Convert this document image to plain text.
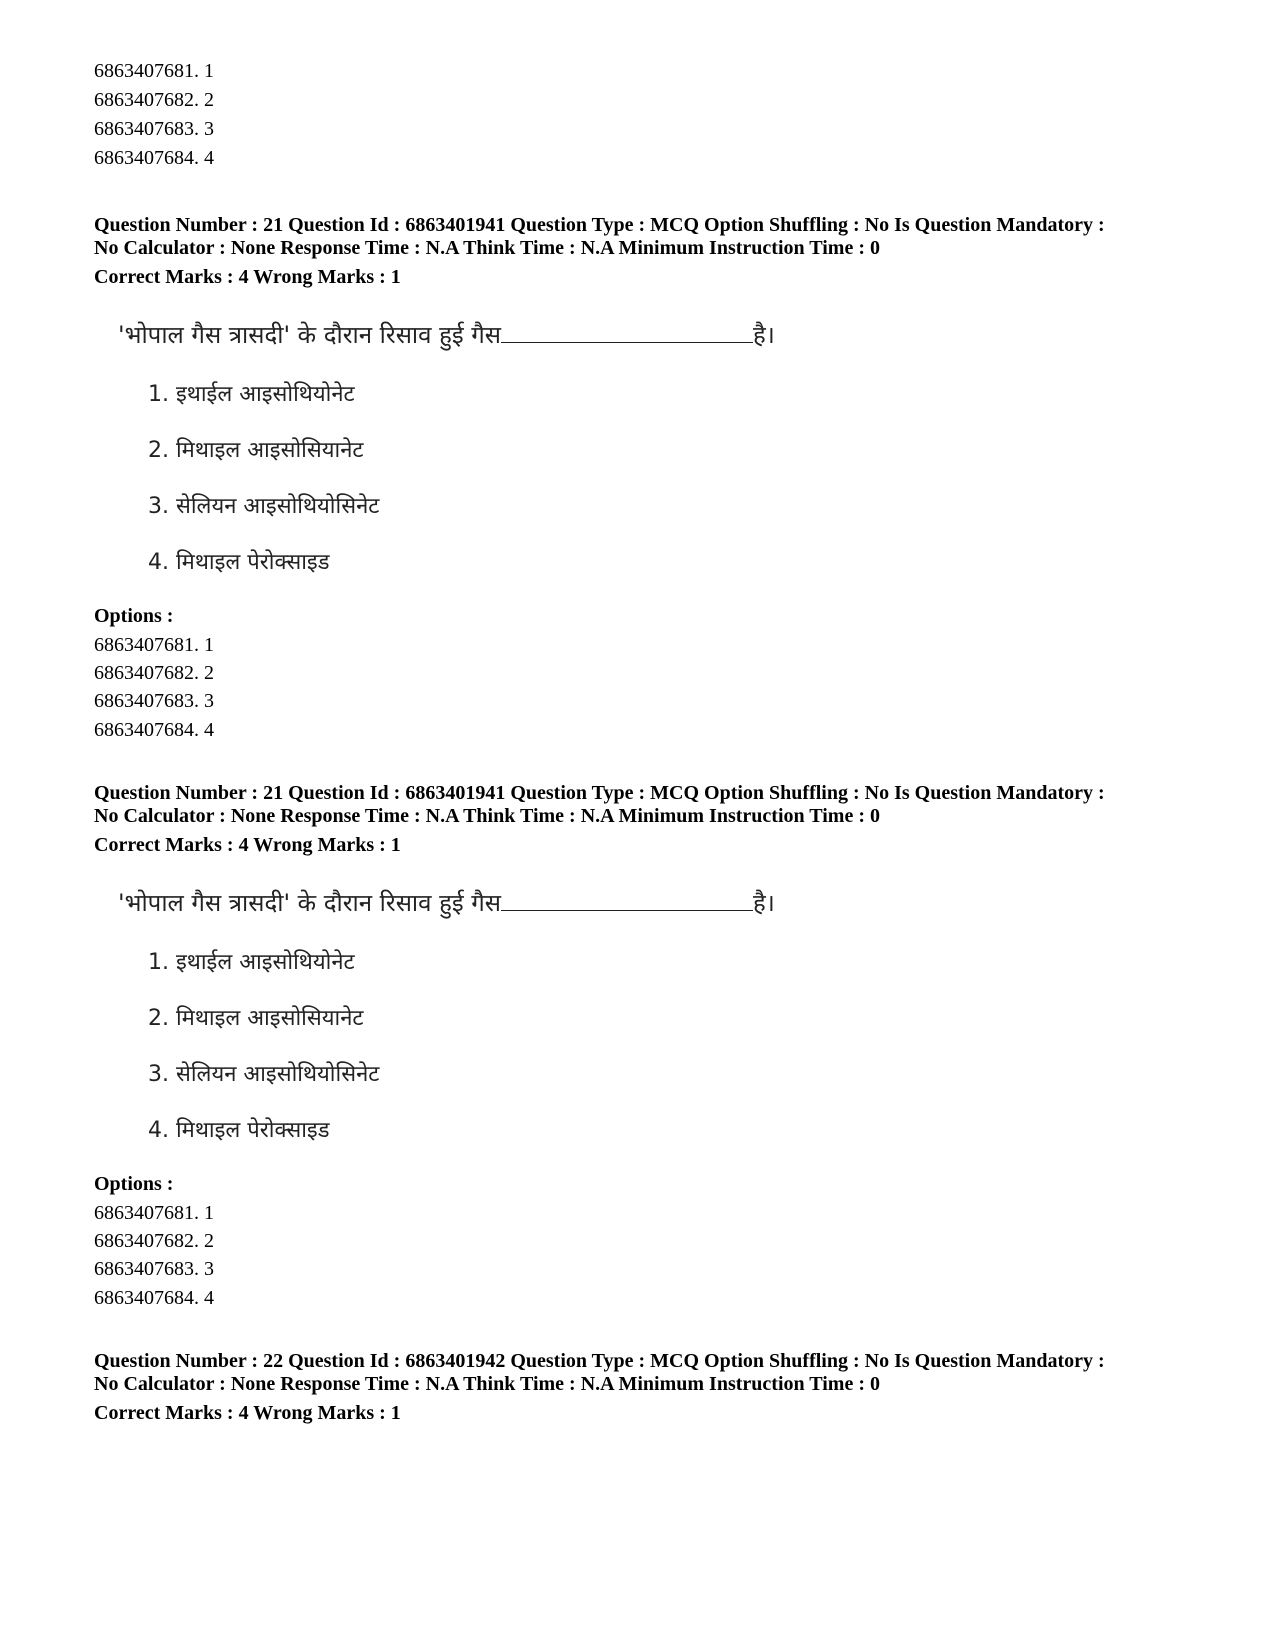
6863407681. 1
6863407682. 2
6863407683. 3
6863407684. 4
Question Number : 21 Question Id : 6863401941 Question Type : MCQ Option Shuffling : No Is Question Mandatory :
No Calculator : None Response Time : N.A Think Time : N.A Minimum Instruction Time : 0
Correct Marks : 4 Wrong Marks : 1
'भोपाल गैस त्रासदी' के दौरान रिसाव हुई गैस	है।
1. इथाईल आइसोथियोनेट
2. मिथाइल आइसोसियानेट
3. सेलियन आइसोथियोसिनेट
4. मिथाइल पेरोक्साइड
Options :
6863407681. 1
6863407682. 2
6863407683. 3
6863407684. 4
Question Number : 21 Question Id : 6863401941 Question Type : MCQ Option Shuffling : No Is Question Mandatory :
No Calculator : None Response Time : N.A Think Time : N.A Minimum Instruction Time : 0
Correct Marks : 4 Wrong Marks : 1
'भोपाल गैस त्रासदी' के दौरान रिसाव हुई गैस	है।
1. इथाईल आइसोथियोनेट
2. मिथाइल आइसोसियानेट
3. सेलियन आइसोथियोसिनेट
4. मिथाइल पेरोक्साइड
Options :
6863407681. 1
6863407682. 2
6863407683. 3
6863407684. 4
Question Number : 22 Question Id : 6863401942 Question Type : MCQ Option Shuffling : No Is Question Mandatory :
No Calculator : None Response Time : N.A Think Time : N.A Minimum Instruction Time : 0
Correct Marks : 4 Wrong Marks : 1
